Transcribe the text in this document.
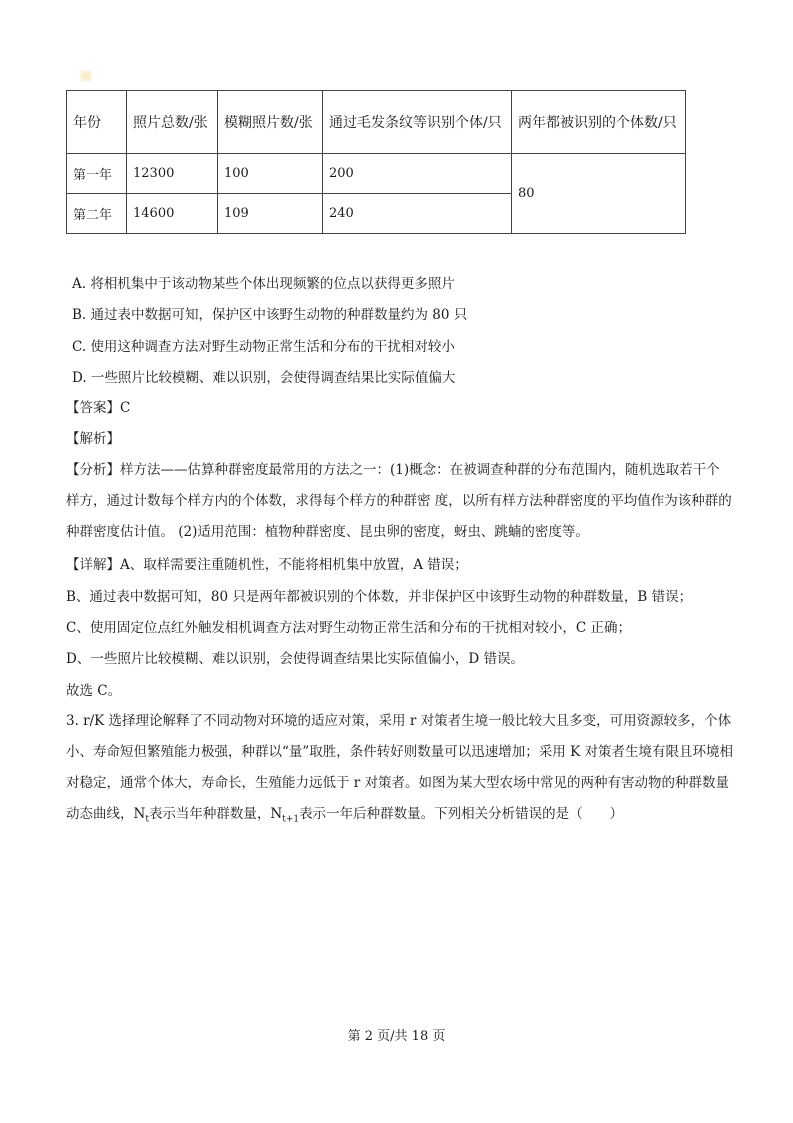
年份	照片总数/张	模糊照片数/张	通过毛发条纹等识别个体/只	两年都被识别的个体数/只
第一年	12300	100	200	80
第二年	14600	109	240	
A. 将相机集中于该动物某些个体出现频繁的位点以获得更多照片
B. 通过表中数据可知，保护区中该野生动物的种群数量约为 80 只
C. 使用这种调查方法对野生动物正常生活和分布的干扰相对较小
D. 一些照片比较模糊、难以识别，会使得调查结果比实际值偏大
【答案】C
【解析】
【分析】样方法——估算种群密度最常用的方法之一：(1)概念：在被调查种群的分布范围内，随机选取若干个样方，通过计数每个样方内的个体数，求得每个样方的种群密 度，以所有样方法种群密度的平均值作为该种群的种群密度估计值。 (2)适用范围：植物种群密度、昆虫卵的密度，蚜虫、跳蝻的密度等。
【详解】A、取样需要注重随机性，不能将相机集中放置，A 错误；
B、通过表中数据可知，80 只是两年都被识别的个体数，并非保护区中该野生动物的种群数量，B 错误；
C、使用固定位点红外触发相机调查方法对野生动物正常生活和分布的干扰相对较小，C 正确；
D、一些照片比较模糊、难以识别，会使得调查结果比实际值偏小，D 错误。
故选 C。
3. r/K 选择理论解释了不同动物对环境的适应对策，采用 r 对策者生境一般比较大且多变，可用资源较多，个体小、寿命短但繁殖能力极强，种群以“量”取胜，条件转好则数量可以迅速增加；采用 K 对策者生境有限且环境相对稳定，通常个体大，寿命长，生殖能力远低于 r 对策者。如图为某大型农场中常见的两种有害动物的种群数量动态曲线，$N_t$表示当年种群数量，$N_{t+1}$表示一年后种群数量。下列相关分析错误的是（　　）
第 2 页/共 18 页
